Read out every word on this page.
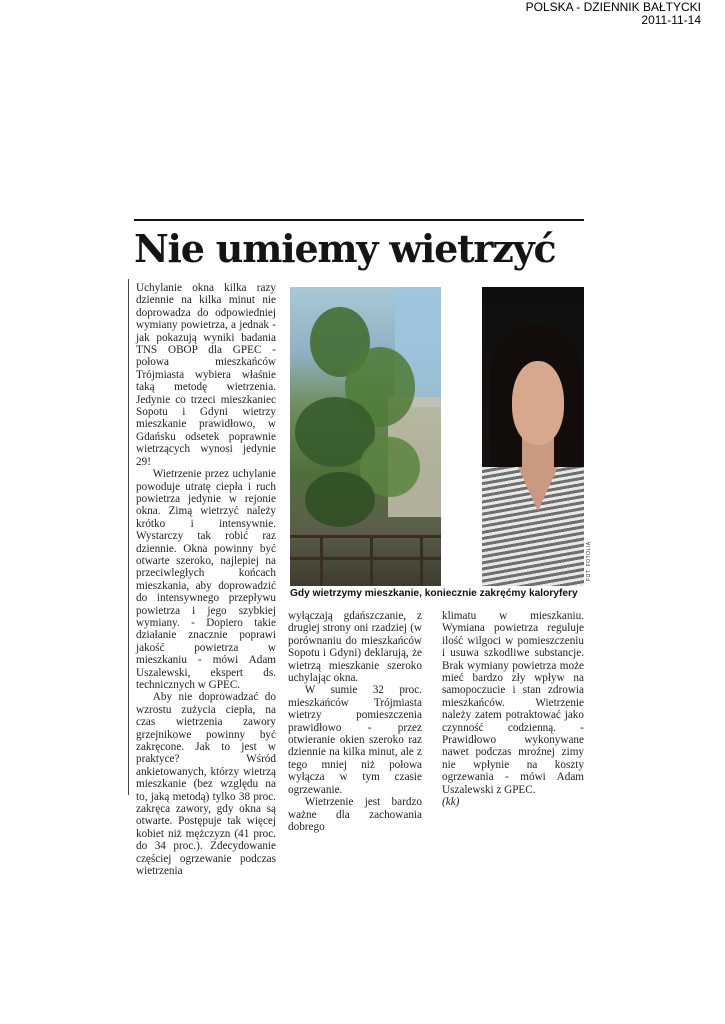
POLSKA - DZIENNIK BAŁTYCKI
2011-11-14
Nie umiemy wietrzyć

Uchylanie okna kilka razy dziennie na kilka minut nie doprowadza do odpowiedniej wymiany powietrza, a jednak - jak pokazują wyniki badania TNS OBOP dla GPEC - połowa mieszkańców Trójmiasta wybiera właśnie taką metodę wietrzenia. Jedynie co trzeci mieszkaniec Sopotu i Gdyni wietrzy mieszkanie prawidłowo, w Gdańsku odsetek poprawnie wietrzących wynosi jedynie 29!

Wietrzenie przez uchylanie powoduje utratę ciepła i ruch powietrza jedynie w rejonie okna. Zimą wietrzyć należy krótko i intensywnie. Wystarczy tak robić raz dziennie. Okna powinny być otwarte szeroko, najlepiej na przeciwległych końcach mieszkania, aby doprowadzić do intensywnego przepływu powietrza i jego szybkiej wymiany. - Dopiero takie działanie znacznie poprawi jakość powietrza w mieszkaniu - mówi Adam Uszalewski, ekspert ds. technicznych w GPEC.

Aby nie doprowadzać do wzrostu zużycia ciepła, na czas wietrzenia zawory grzejnikowe powinny być zakręcone. Jak to jest w praktyce? Wśród ankietowanych, którzy wietrzą mieszkanie (bez względu na to, jaką metodą) tylko 38 proc. zakręca zawory, gdy okna są otwarte. Postępuje tak więcej kobiet niż mężczyzn (41 proc. do 34 proc.). Zdecydowanie częściej ogrzewanie podczas wietrzenia

FOT. FOTOLIA
Gdy wietrzymy mieszkanie, koniecznie zakręćmy kaloryfery

wyłączają gdańszczanie, z drugiej strony oni rzadziej (w porównaniu do mieszkańców Sopotu i Gdyni) deklarują, że wietrzą mieszkanie szeroko uchylając okna.

W sumie 32 proc. mieszkańców Trójmiasta wietrzy pomieszczenia prawidłowo - przez otwieranie okien szeroko raz dziennie na kilka minut, ale z tego mniej niż połowa wyłącza w tym czasie ogrzewanie.

Wietrzenie jest bardzo ważne dla zachowania dobrego

klimatu w mieszkaniu. Wymiana powietrza reguluje ilość wilgoci w pomieszczeniu i usuwa szkodliwe substancje. Brak wymiany powietrza może mieć bardzo zły wpływ na samopoczucie i stan zdrowia mieszkańców. Wietrzenie należy zatem potraktować jako czynność codzienną. - Prawidłowo wykonywane nawet podczas mroźnej zimy nie wpłynie na koszty ogrzewania - mówi Adam Uszalewski z GPEC.

(kk)
